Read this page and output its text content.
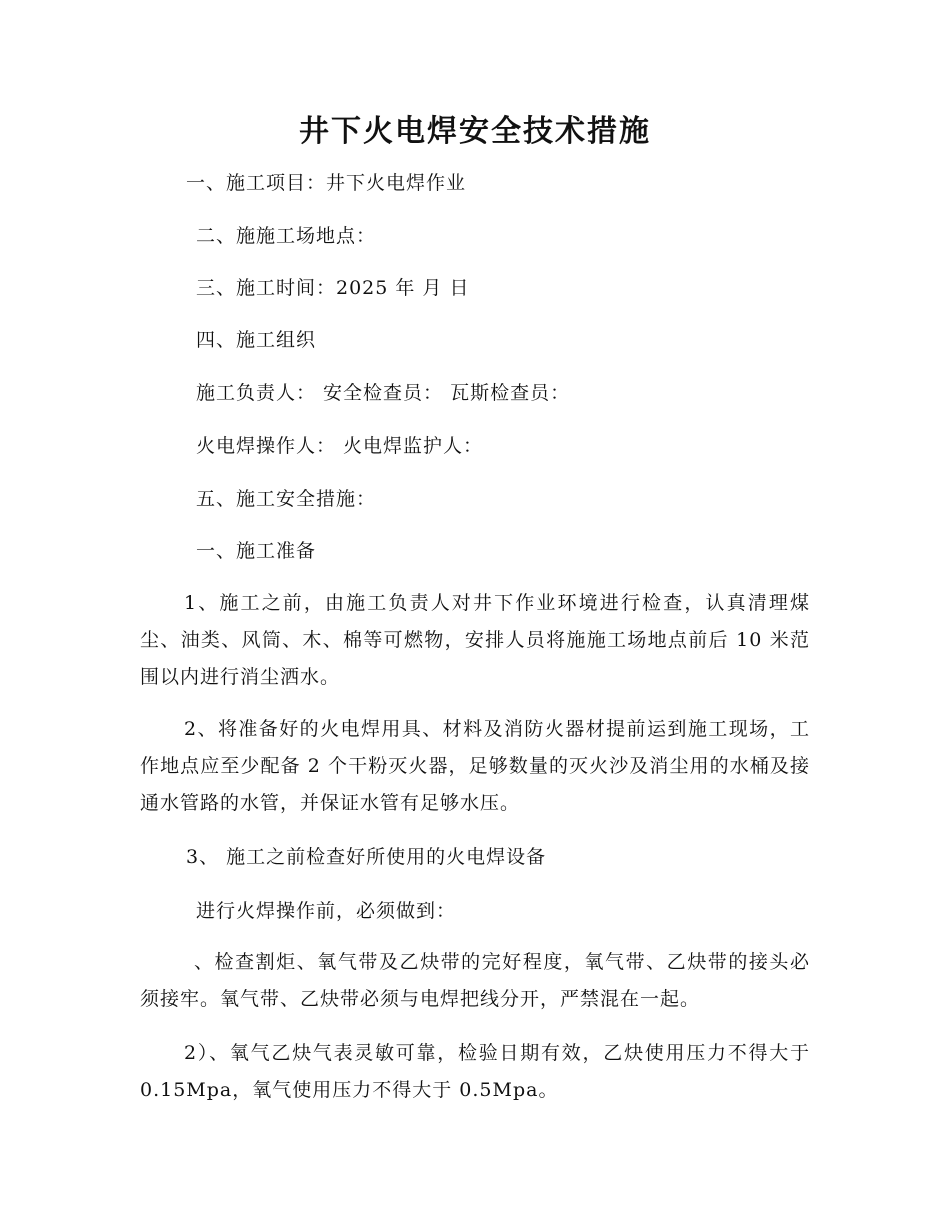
井下火电焊安全技术措施
一、施工项目：井下火电焊作业
二、施施工场地点：
三、施工时间：2025 年 月 日
四、施工组织
施工负责人： 安全检查员： 瓦斯检查员：
火电焊操作人： 火电焊监护人：
五、施工安全措施：
一、施工准备
1、施工之前，由施工负责人对井下作业环境进行检查，认真清理煤尘、油类、风筒、木、棉等可燃物，安排人员将施施工场地点前后 10 米范围以内进行消尘洒水。
2、将准备好的火电焊用具、材料及消防火器材提前运到施工现场，工作地点应至少配备 2 个干粉灭火器，足够数量的灭火沙及消尘用的水桶及接通水管路的水管，并保证水管有足够水压。
3、 施工之前检查好所使用的火电焊设备
进行火焊操作前，必须做到：
、检查割炬、氧气带及乙炔带的完好程度，氧气带、乙炔带的接头必须接牢。氧气带、乙炔带必须与电焊把线分开，严禁混在一起。
2）、氧气乙炔气表灵敏可靠，检验日期有效，乙炔使用压力不得大于 0.15Mpa，氧气使用压力不得大于 0.5Mpa。
